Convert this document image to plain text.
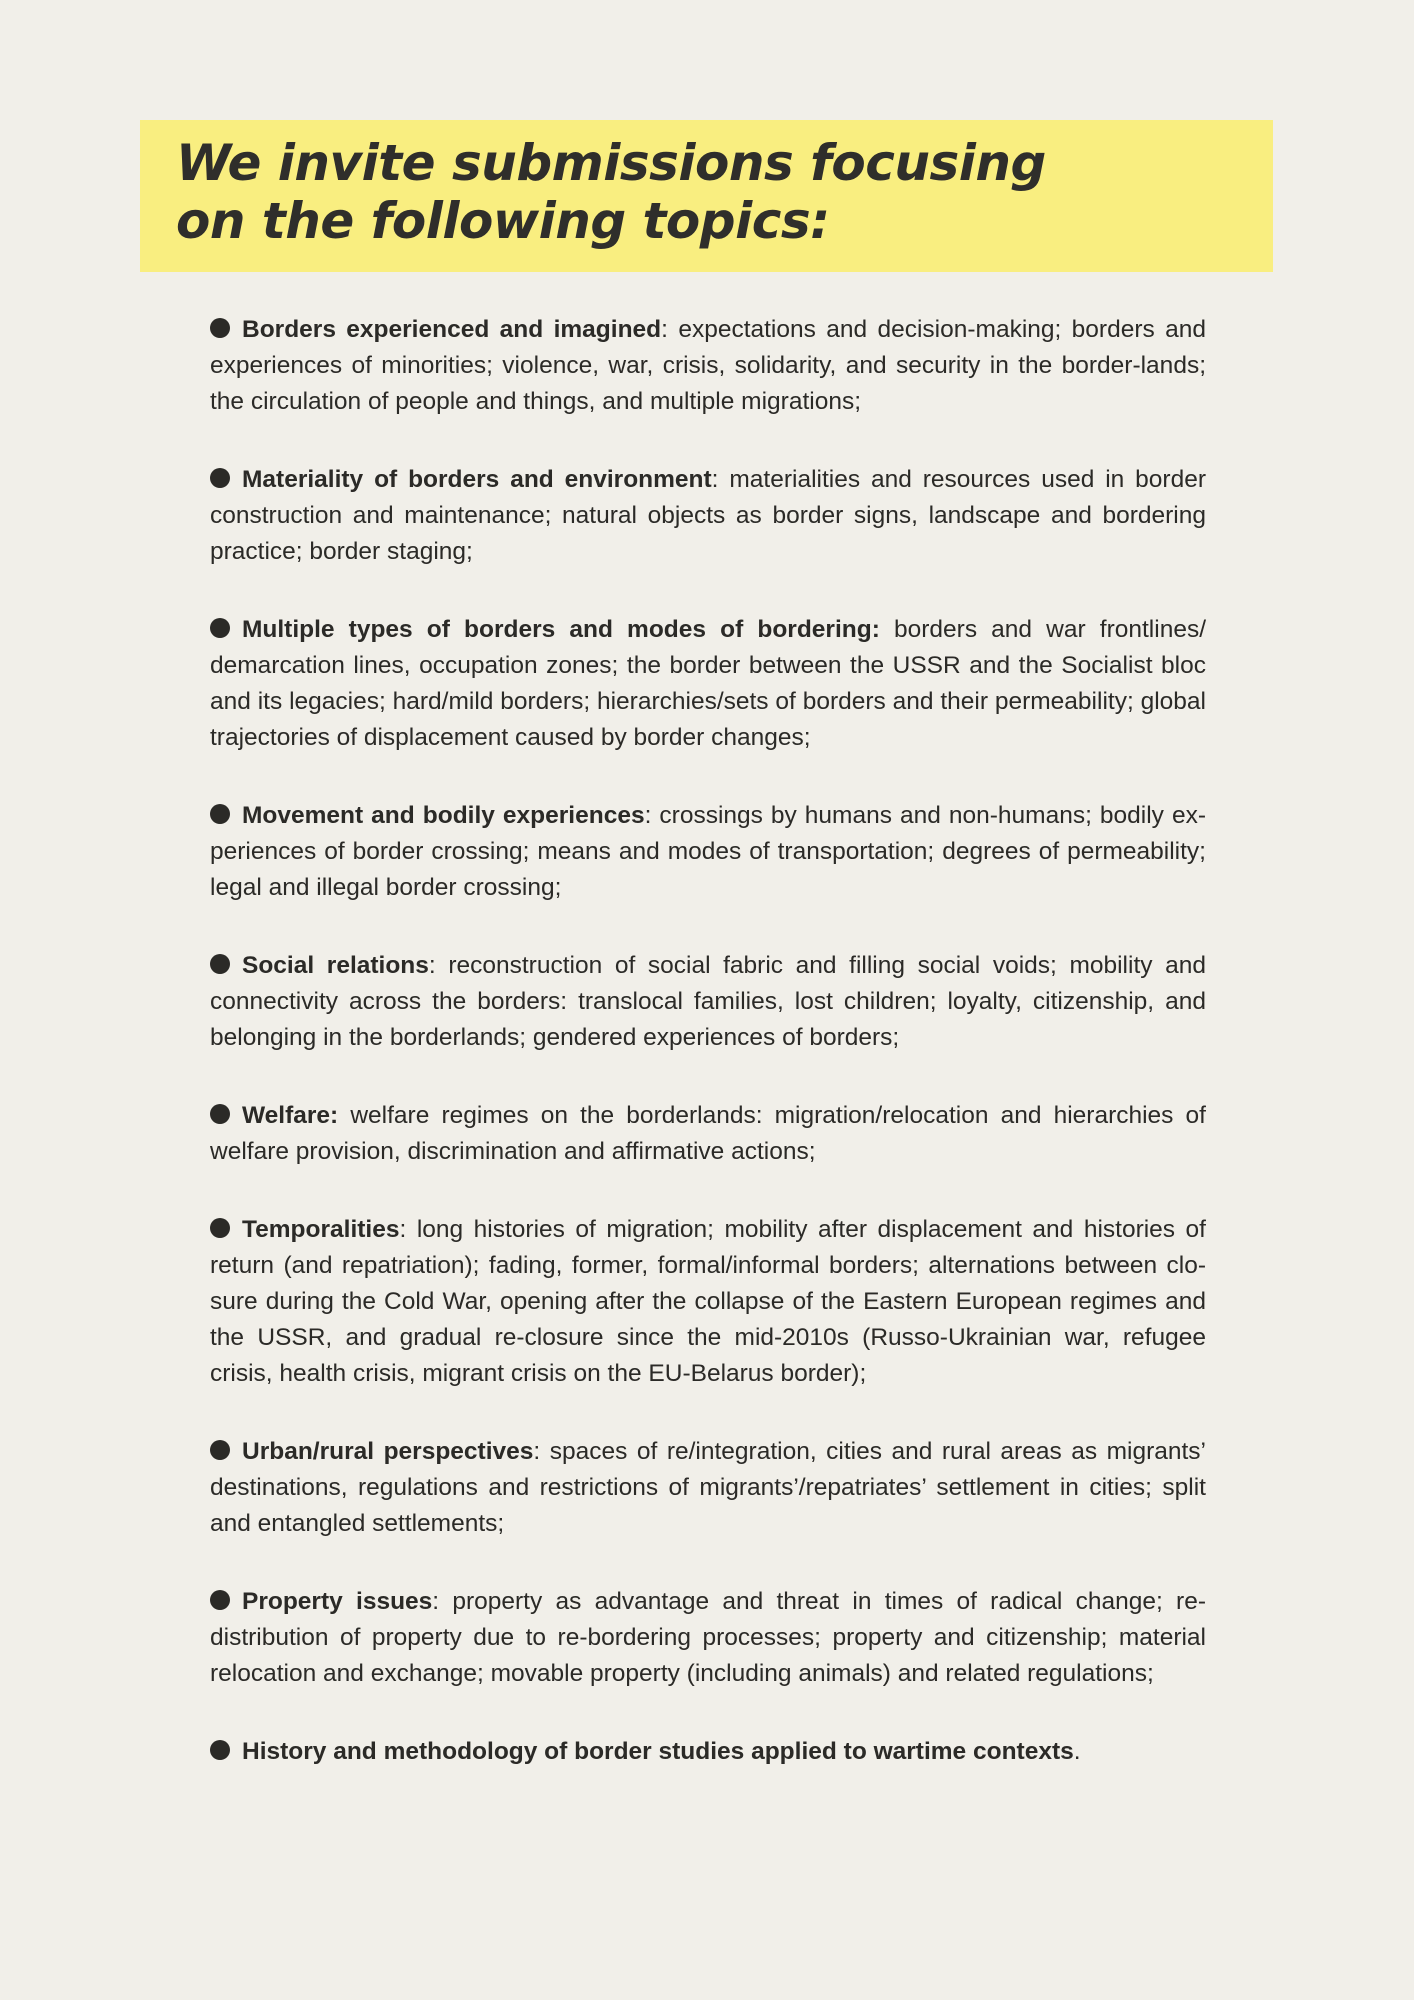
We invite submissions focusing
on the following topics:
Borders experienced and imagined: expectations and decision-making; borders and experiences of minorities; violence, war, crisis, solidarity, and security in the border-lands; the circulation of people and things, and multiple migrations;
Materiality of borders and environment: materialities and resources used in border construction and maintenance; natural objects as border signs, landscape and bordering practice; border staging;
Multiple types of borders and modes of bordering: borders and war frontlines/ demarcation lines, occupation zones; the border between the USSR and the Socialist bloc and its legacies; hard/mild borders; hierarchies/sets of borders and their permeability; global trajectories of displacement caused by border changes;
Movement and bodily experiences: crossings by humans and non-humans; bodily ex-periences of border crossing; means and modes of transportation; degrees of permeability; legal and illegal border crossing;
Social relations: reconstruction of social fabric and filling social voids; mobility and connectivity across the borders: translocal families, lost children; loyalty, citizenship, and belonging in the borderlands; gendered experiences of borders;
Welfare: welfare regimes on the borderlands: migration/relocation and hierarchies of welfare provision, discrimination and affirmative actions;
Temporalities: long histories of migration; mobility after displacement and histories of return (and repatriation); fading, former, formal/informal borders; alternations between clo-sure during the Cold War, opening after the collapse of the Eastern European regimes and the USSR, and gradual re-closure since the mid-2010s (Russo-Ukrainian war, refugee crisis, health crisis, migrant crisis on the EU-Belarus border);
Urban/rural perspectives: spaces of re/integration, cities and rural areas as migrants’ destinations, regulations and restrictions of migrants’/repatriates’ settlement in cities; split and entangled settlements;
Property issues: property as advantage and threat in times of radical change; re-distribution of property due to re-bordering processes; property and citizenship; material relocation and exchange; movable property (including animals) and related regulations;
History and methodology of border studies applied to wartime contexts.
